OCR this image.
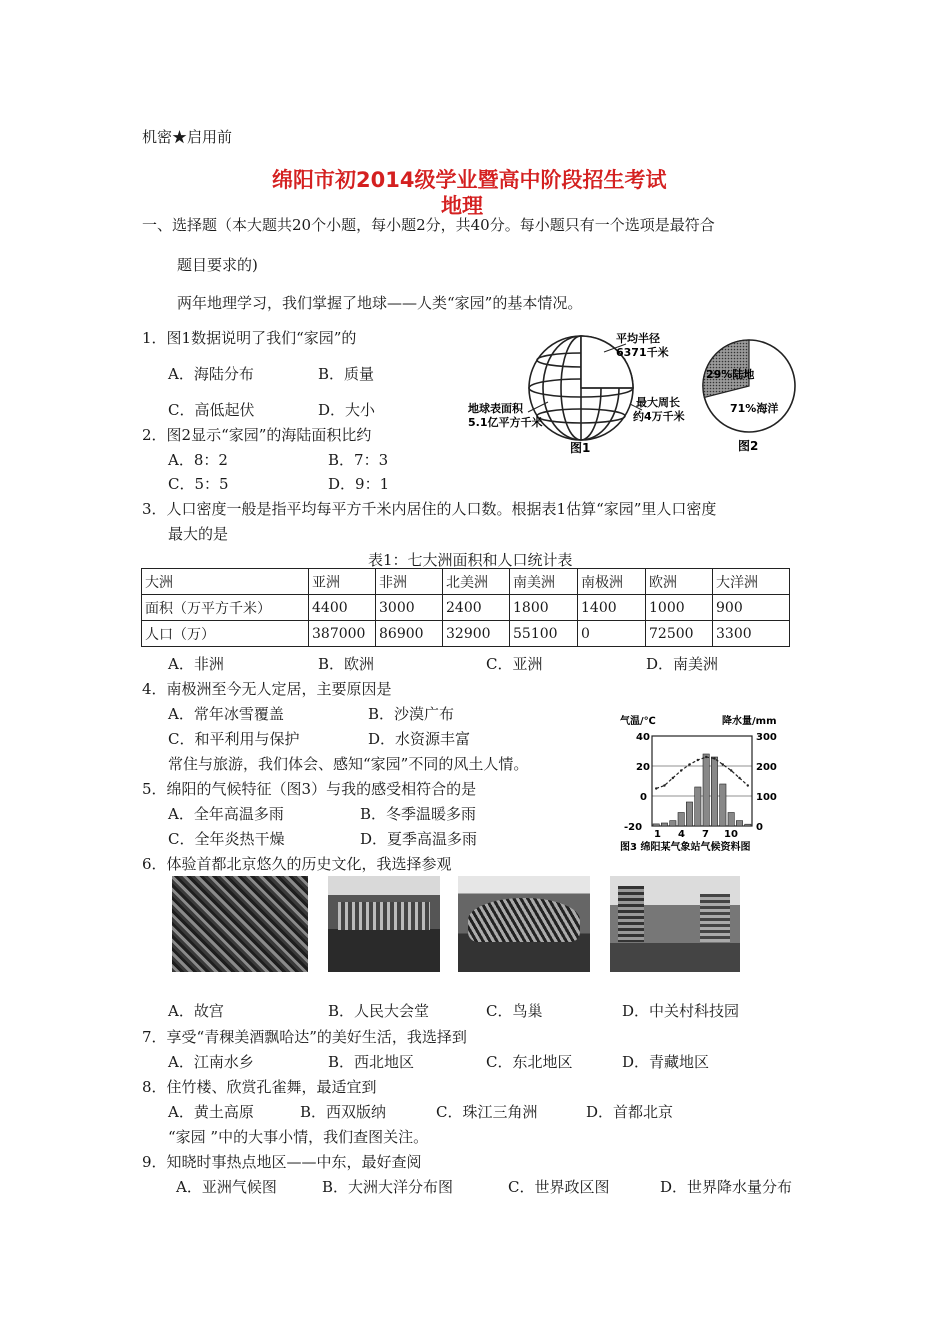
机密★启用前
绵阳市初2014级学业暨高中阶段招生考试
地理
一、选择题（本大题共20个小题，每小题2分，共40分。每小题只有一个选项是最符合
题目要求的)
两年地理学习，我们掌握了地球——人类“家园”的基本情况。
1．图1数据说明了我们“家园”的
A．海陆分布	B．质量
C．高低起伏	D．大小
2．图2显示“家园”的海陆面积比约
A．8：2	B．7：3
C．5：5	D．9：1
平均半径
6371千米
最大周长
约4万千米
地球表面积
5.1亿平方千米
图1
29%陆地
71%海洋
图2
3．人口密度一般是指平均每平方千米内居住的人口数。根据表1估算“家园”里人口密度
最大的是
表1：七大洲面积和人口统计表
大洲	亚洲	非洲	北美洲	南美洲	南极洲	欧洲	大洋洲
面积（万平方千米）	4400	3000	2400	1800	1400	1000	900
人口（万）	387000	86900	32900	55100	0	72500	3300
A．非洲	B．欧洲	C．亚洲	D．南美洲
4．南极洲至今无人定居，主要原因是
A．常年冰雪覆盖	B．沙漠广布
C．和平利用与保护	D．水资源丰富
常住与旅游，我们体会、感知“家园”不同的风土人情。
5．绵阳的气候特征（图3）与我的感受相符合的是
A．全年高温多雨	B．冬季温暖多雨
C．全年炎热干燥	D．夏季高温多雨
气温/℃	降水量/mm
40
20
0
-20
300
200
100
0
1 4 7 10
图3 绵阳某气象站气候资料图
6．体验首都北京悠久的历史文化，我选择参观
A．故宫	B．人民大会堂	C．鸟巢	D．中关村科技园
7．享受“青稞美酒飘哈达”的美好生活，我选择到
A．江南水乡	B．西北地区	C．东北地区	D．青藏地区
8．住竹楼、欣赏孔雀舞，最适宜到
A．黄土高原	B．西双版纳	C．珠江三角洲	D．首都北京
“家园 ”中的大事小情，我们查图关注。
9．知晓时事热点地区——中东，最好查阅
A．亚洲气候图	B．大洲大洋分布图	C．世界政区图	D．世界降水量分布
